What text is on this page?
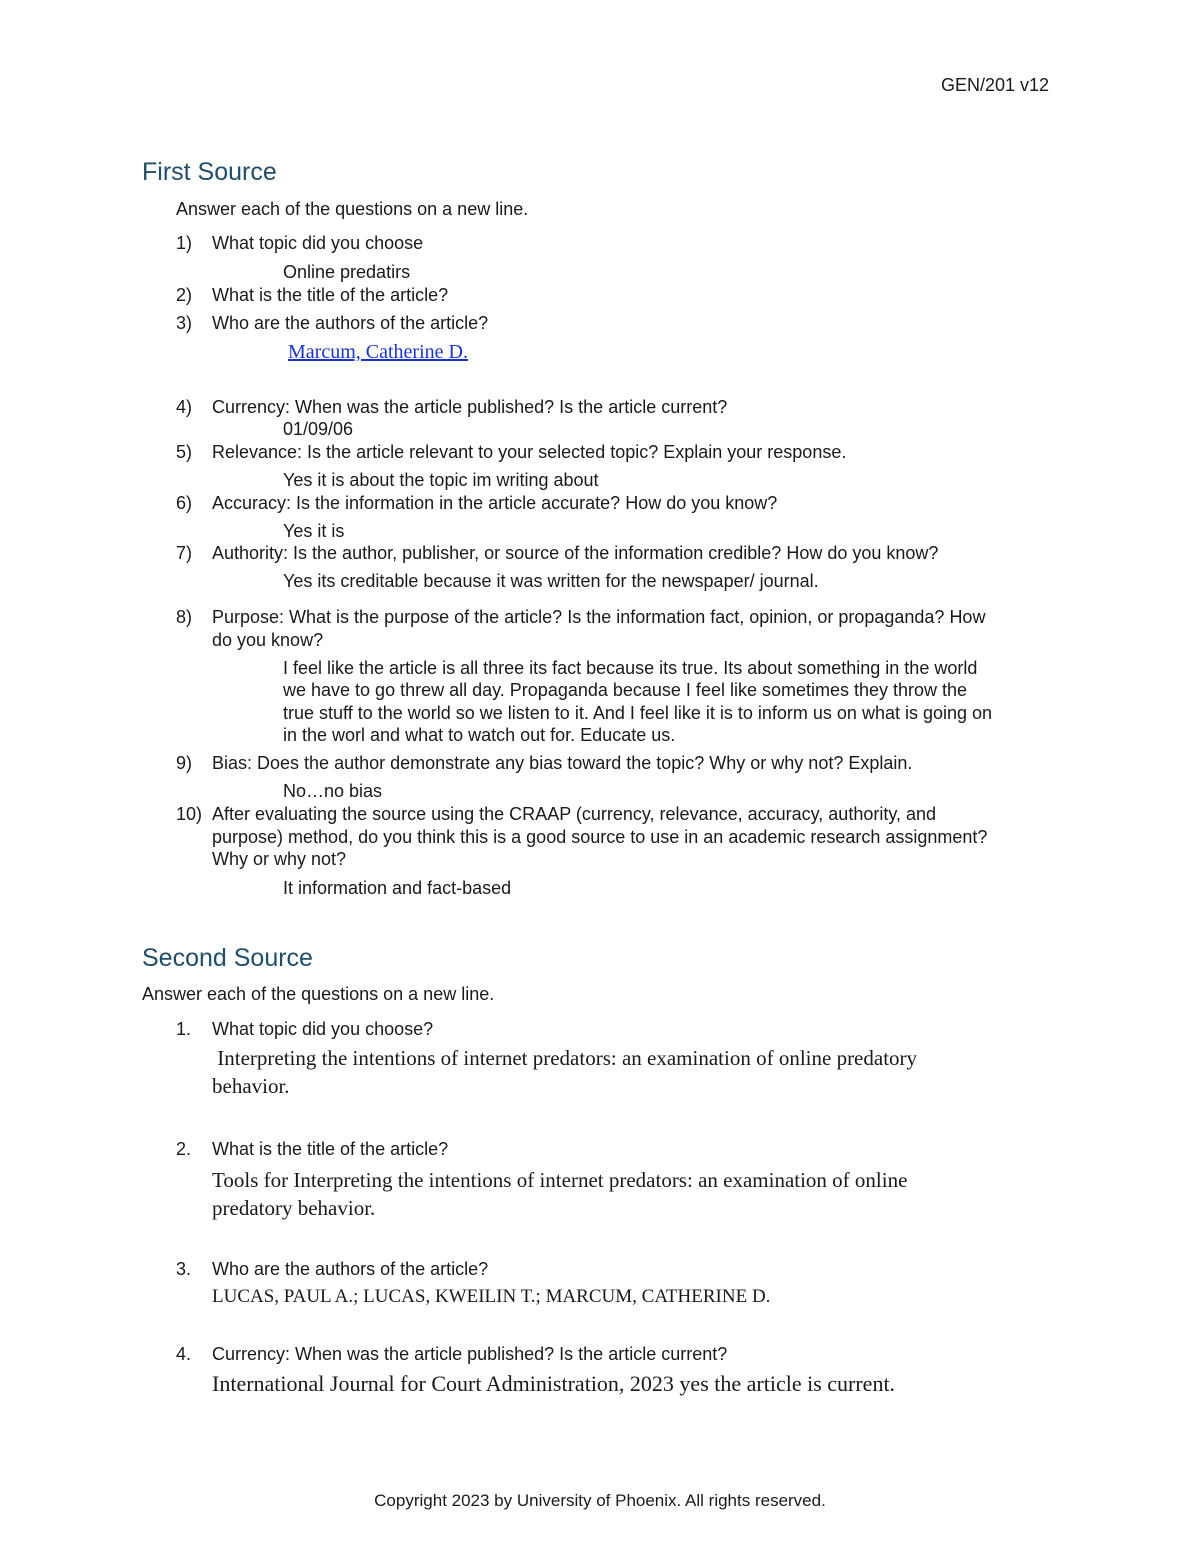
GEN/201 v12
First Source
Answer each of the questions on a new line.
1) What topic did you choose
Online predatirs
2) What is the title of the article?
3) Who are the authors of the article?
Marcum, Catherine D.
4) Currency: When was the article published? Is the article current?
01/09/06
5) Relevance: Is the article relevant to your selected topic? Explain your response.
Yes it is about the topic im writing about
6) Accuracy: Is the information in the article accurate? How do you know?
Yes it is
7) Authority: Is the author, publisher, or source of the information credible? How do you know?
Yes its creditable because it was written for the newspaper/ journal.
8) Purpose: What is the purpose of the article? Is the information fact, opinion, or propaganda? How
do you know?
I feel like the article is all three its fact because its true. Its about something in the world
we have to go threw all day. Propaganda because I feel like sometimes they throw the
true stuff to the world so we listen to it. And I feel like it is to inform us on what is going on
in the worl and what to watch out for. Educate us.
9) Bias: Does the author demonstrate any bias toward the topic? Why or why not? Explain.
No…no bias
10) After evaluating the source using the CRAAP (currency, relevance, accuracy, authority, and
purpose) method, do you think this is a good source to use in an academic research assignment?
Why or why not?
It information and fact-based
Second Source
Answer each of the questions on a new line.
1. What topic did you choose?
Interpreting the intentions of internet predators: an examination of online predatory
behavior.
2. What is the title of the article?
Tools for Interpreting the intentions of internet predators: an examination of online
predatory behavior.
3. Who are the authors of the article?
LUCAS, PAUL A.; LUCAS, KWEILIN T.; MARCUM, CATHERINE D.
4. Currency: When was the article published? Is the article current?
International Journal for Court Administration, 2023 yes the article is current.
Copyright 2023 by University of Phoenix. All rights reserved.
